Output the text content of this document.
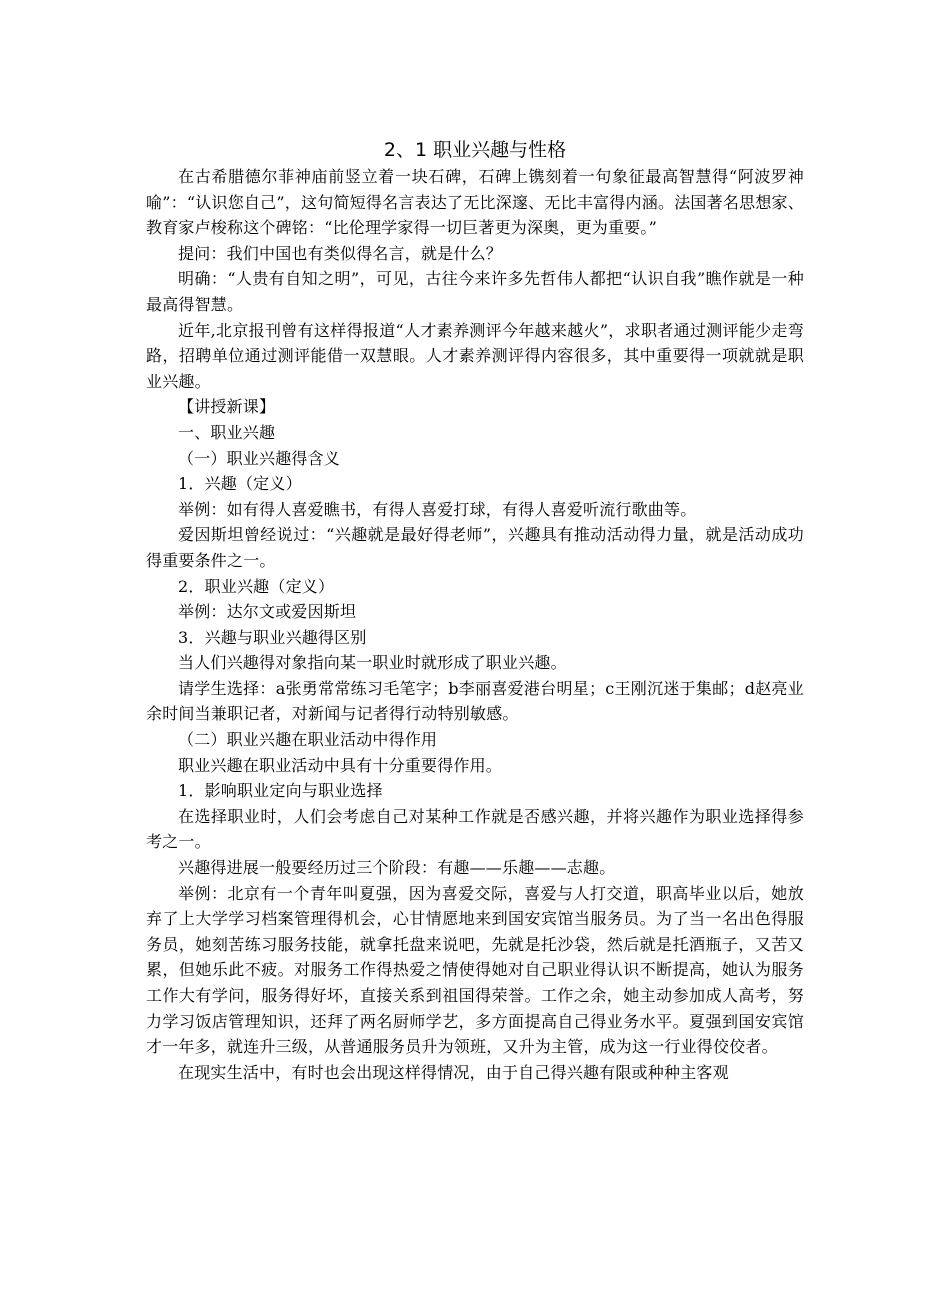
2、1 职业兴趣与性格

在古希腊德尔菲神庙前竖立着一块石碑，石碑上镌刻着一句象征最高智慧得“阿波罗神喻”：“认识您自己”，这句简短得名言表达了无比深邃、无比丰富得内涵。法国著名思想家、教育家卢梭称这个碑铭：“比伦理学家得一切巨著更为深奥，更为重要。”

提问：我们中国也有类似得名言，就是什么？

明确：“人贵有自知之明”，可见，古往今来许多先哲伟人都把“认识自我”瞧作就是一种最高得智慧。

近年,北京报刊曾有这样得报道“人才素养测评今年越来越火”，求职者通过测评能少走弯路，招聘单位通过测评能借一双慧眼。人才素养测评得内容很多，其中重要得一项就就是职业兴趣。

【讲授新课】

一、职业兴趣

（一）职业兴趣得含义

1．兴趣（定义）

举例：如有得人喜爱瞧书，有得人喜爱打球，有得人喜爱听流行歌曲等。

爱因斯坦曾经说过：“兴趣就是最好得老师”，兴趣具有推动活动得力量，就是活动成功得重要条件之一。

2．职业兴趣（定义）

举例：达尔文或爱因斯坦

3．兴趣与职业兴趣得区别

当人们兴趣得对象指向某一职业时就形成了职业兴趣。

请学生选择：a张勇常常练习毛笔字；b李丽喜爱港台明星；c王刚沉迷于集邮；d赵亮业余时间当兼职记者，对新闻与记者得行动特别敏感。

（二）职业兴趣在职业活动中得作用

职业兴趣在职业活动中具有十分重要得作用。

1．影响职业定向与职业选择

在选择职业时，人们会考虑自己对某种工作就是否感兴趣，并将兴趣作为职业选择得参考之一。

兴趣得进展一般要经历过三个阶段：有趣——乐趣——志趣。

举例：北京有一个青年叫夏强，因为喜爱交际，喜爱与人打交道，职高毕业以后，她放弃了上大学学习档案管理得机会，心甘情愿地来到国安宾馆当服务员。为了当一名出色得服务员，她刻苦练习服务技能，就拿托盘来说吧，先就是托沙袋，然后就是托酒瓶子，又苦又累，但她乐此不疲。对服务工作得热爱之情使得她对自己职业得认识不断提高，她认为服务工作大有学问，服务得好坏，直接关系到祖国得荣誉。工作之余，她主动参加成人高考，努力学习饭店管理知识，还拜了两名厨师学艺，多方面提高自己得业务水平。夏强到国安宾馆才一年多，就连升三级，从普通服务员升为领班，又升为主管，成为这一行业得佼佼者。

在现实生活中，有时也会出现这样得情况，由于自己得兴趣有限或种种主客观
